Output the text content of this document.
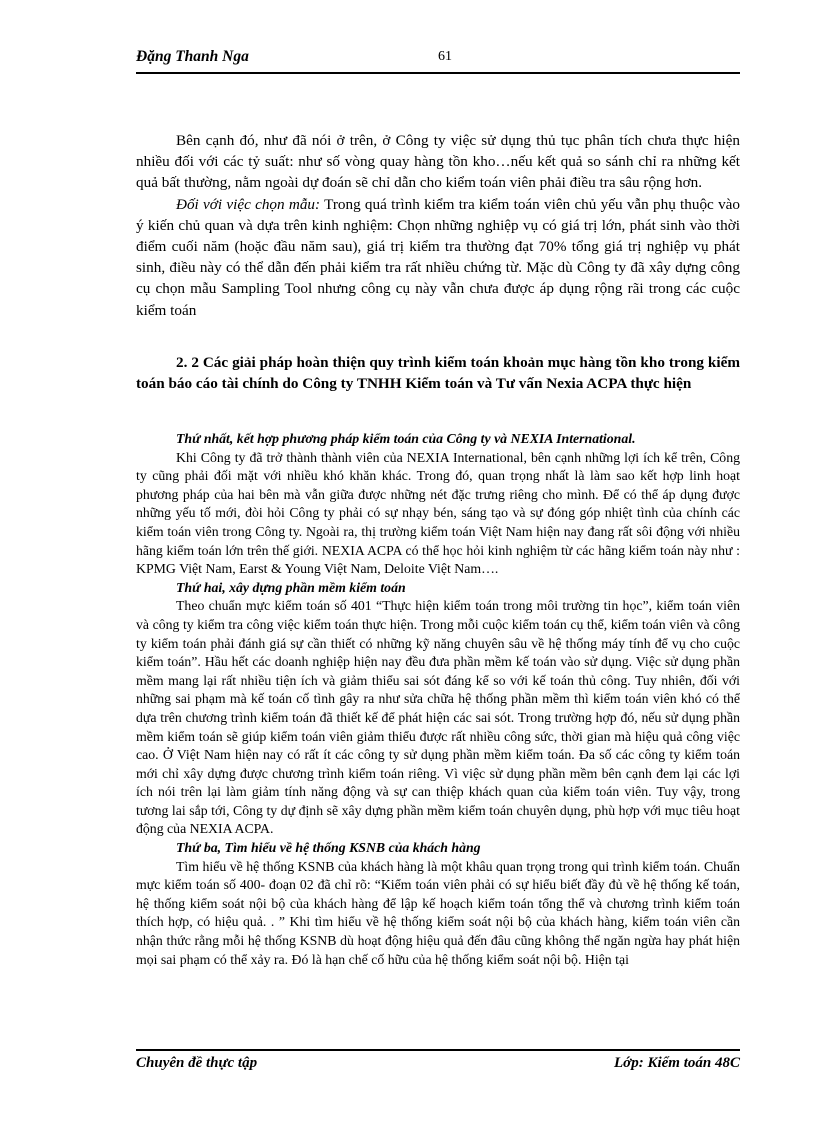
Đặng Thanh Nga	61

Bên cạnh đó, như đã nói ở trên, ở Công ty việc sử dụng thủ tục phân tích chưa thực hiện nhiều đối với các tỷ suất: như số vòng quay hàng tồn kho…nếu kết quả so sánh chỉ ra những kết quả bất thường, nằm ngoài dự đoán sẽ chỉ dẫn cho kiểm toán viên phải điều tra sâu rộng hơn.

Đối với việc chọn mẫu: Trong quá trình kiểm tra kiểm toán viên chủ yếu vẫn phụ thuộc vào ý kiến chủ quan và dựa trên kinh nghiệm: Chọn những nghiệp vụ có giá trị lớn, phát sinh vào thời điểm cuối năm (hoặc đầu năm sau), giá trị kiểm tra thường đạt 70% tổng giá trị nghiệp vụ phát sinh, điều này có thể dẫn đến phải kiểm tra rất nhiều chứng từ. Mặc dù Công ty đã xây dựng công cụ chọn mẫu Sampling Tool nhưng công cụ này vẫn chưa được áp dụng rộng rãi trong các cuộc kiểm toán

2. 2 Các giải pháp hoàn thiện quy trình kiểm toán khoản mục hàng tồn kho trong kiểm toán báo cáo tài chính do Công ty TNHH Kiểm toán và Tư vấn Nexia ACPA thực hiện

Thứ nhất, kết hợp phương pháp kiểm toán của Công ty và NEXIA International.

Khi Công ty đã trở thành thành viên của NEXIA International, bên cạnh những lợi ích kể trên, Công ty cũng phải đối mặt với nhiều khó khăn khác. Trong đó, quan trọng nhất là làm sao kết hợp linh hoạt phương pháp của hai bên mà vẫn giữa được những nét đặc trưng riêng cho mình. Để có thể áp dụng được những yếu tố mới, đòi hỏi Công ty phải có sự nhạy bén, sáng tạo và sự đóng góp nhiệt tình của chính các kiểm toán viên trong Công ty. Ngoài ra, thị trường kiểm toán Việt Nam hiện nay đang rất sôi động với nhiều hãng kiểm toán lớn trên thế giới. NEXIA ACPA có thể học hỏi kinh nghiệm từ các hãng kiểm toán này như : KPMG Việt Nam, Earst & Young Việt Nam, Deloite Việt Nam….

Thứ hai, xây dựng phần mềm kiểm toán

Theo chuẩn mực kiểm toán số 401 “Thực hiện kiểm toán trong môi trường tin học”, kiểm toán viên và công ty kiểm tra công việc kiểm toán thực hiện. Trong mỗi cuộc kiểm toán cụ thể, kiểm toán viên và công ty kiểm toán phải đánh giá sự cần thiết có những kỹ năng chuyên sâu về hệ thống máy tính để vụ cho cuộc kiểm toán”. Hầu hết các doanh nghiệp hiện nay đều đưa phần mềm kế toán vào sử dụng. Việc sử dụng phần mềm mang lại rất nhiều tiện ích và giảm thiểu sai sót đáng kể so với kế toán thủ công. Tuy nhiên, đối với những sai phạm mà kế toán cố tình gây ra như sửa chữa hệ thống phần mềm thì kiểm toán viên khó có thể dựa trên chương trình kiểm toán đã thiết kế để phát hiện các sai sót. Trong trường hợp đó, nếu sử dụng phần mềm kiểm toán sẽ giúp kiểm toán viên giảm thiểu được rất nhiều công sức, thời gian mà hiệu quả công việc cao. Ở Việt Nam hiện nay có rất ít các công ty sử dụng phần mềm kiểm toán. Đa số các công ty kiểm toán mới chỉ xây dựng được chương trình kiểm toán riêng. Vì việc sử dụng phần mềm bên cạnh đem lại các lợi ích nói trên lại làm giảm tính năng động và sự can thiệp khách quan của kiểm toán viên. Tuy vậy, trong tương lai sắp tới, Công ty dự định sẽ xây dựng phần mềm kiểm toán chuyên dụng, phù hợp với mục tiêu hoạt động của NEXIA ACPA.

Thứ ba, Tìm hiểu về hệ thống KSNB của khách hàng

Tìm hiểu về hệ thống KSNB của khách hàng là một khâu quan trọng trong qui trình kiểm toán. Chuẩn mực kiểm toán số 400- đoạn 02 đã chỉ rõ: “Kiểm toán viên phải có sự hiểu biết đầy đủ về hệ thống kế toán, hệ thống kiểm soát nội bộ của khách hàng để lập kế hoạch kiểm toán tổng thể và chương trình kiểm toán thích hợp, có hiệu quả. . ” Khi tìm hiểu về hệ thống kiểm soát nội bộ của khách hàng, kiểm toán viên cần nhận thức rằng mỗi hệ thống KSNB dù hoạt động hiệu quả đến đâu cũng không thể ngăn ngừa hay phát hiện mọi sai phạm có thể xảy ra. Đó là hạn chế cố hữu của hệ thống kiểm soát nội bộ. Hiện tại

Chuyên đề thực tập	Lớp: Kiểm toán 48C
